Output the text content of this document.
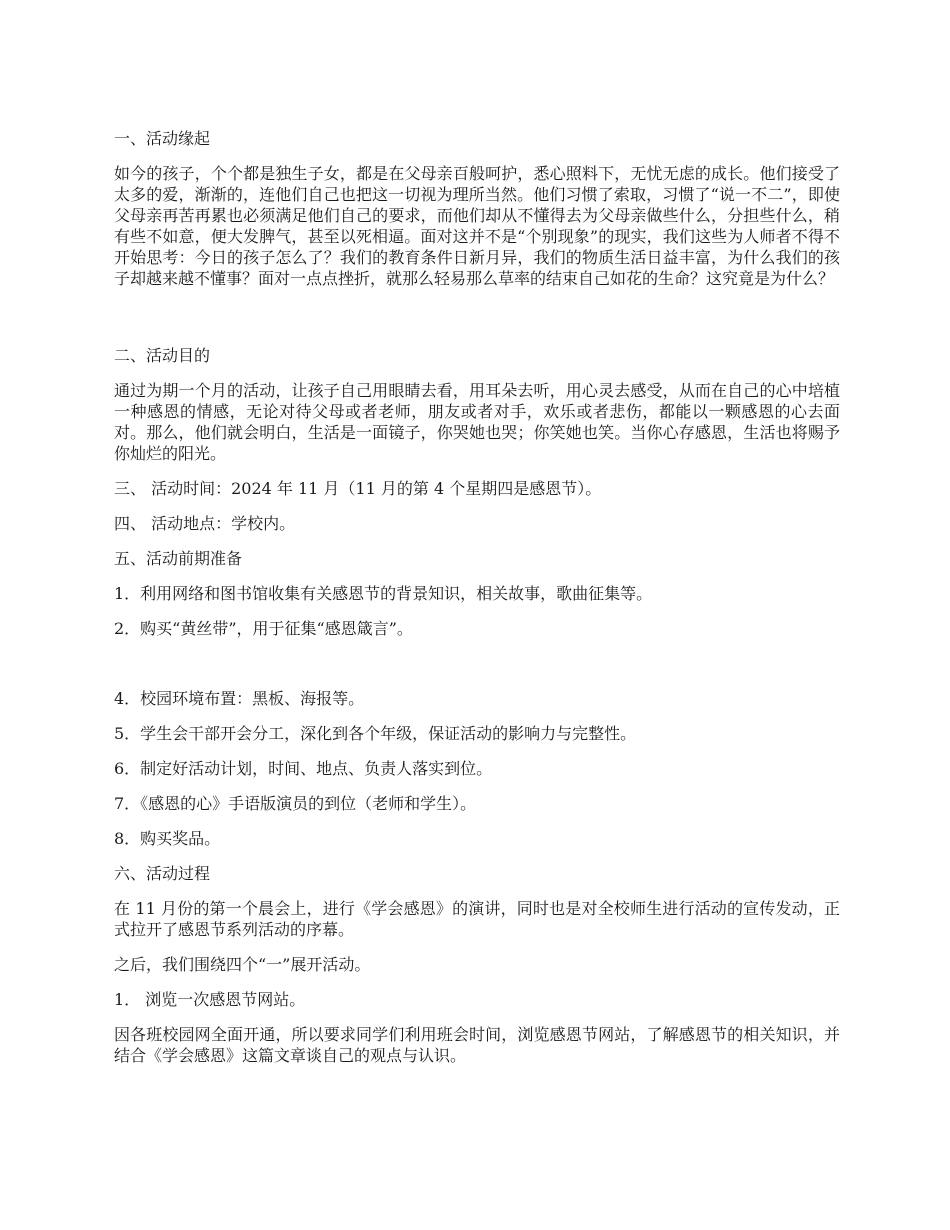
一、活动缘起

如今的孩子，个个都是独生子女，都是在父母亲百般呵护，悉心照料下，无忧无虑的成长。他们接受了太多的爱，渐渐的，连他们自己也把这一切视为理所当然。他们习惯了索取，习惯了“说一不二”，即使父母亲再苦再累也必须满足他们自己的要求，而他们却从不懂得去为父母亲做些什么，分担些什么，稍有些不如意，便大发脾气，甚至以死相逼。面对这并不是“个别现象”的现实，我们这些为人师者不得不开始思考：今日的孩子怎么了？我们的教育条件日新月异，我们的物质生活日益丰富，为什么我们的孩子却越来越不懂事？面对一点点挫折，就那么轻易那么草率的结束自己如花的生命？这究竟是为什么？

二、活动目的

通过为期一个月的活动，让孩子自己用眼睛去看，用耳朵去听，用心灵去感受，从而在自己的心中培植一种感恩的情感，无论对待父母或者老师，朋友或者对手，欢乐或者悲伤，都能以一颗感恩的心去面对。那么，他们就会明白，生活是一面镜子，你哭她也哭；你笑她也笑。当你心存感恩，生活也将赐予你灿烂的阳光。

三、 活动时间：2024 年 11 月（11 月的第 4 个星期四是感恩节）。

四、 活动地点：学校内。

五、活动前期准备

1．利用网络和图书馆收集有关感恩节的背景知识，相关故事，歌曲征集等。

2．购买“黄丝带”，用于征集“感恩箴言”。

4．校园环境布置：黑板、海报等。

5．学生会干部开会分工，深化到各个年级，保证活动的影响力与完整性。

6．制定好活动计划，时间、地点、负责人落实到位。

7．《感恩的心》手语版演员的到位（老师和学生）。

8．购买奖品。

六、活动过程

在 11 月份的第一个晨会上，进行《学会感恩》的演讲，同时也是对全校师生进行活动的宣传发动，正式拉开了感恩节系列活动的序幕。

之后，我们围绕四个“一”展开活动。

1． 浏览一次感恩节网站。

因各班校园网全面开通，所以要求同学们利用班会时间，浏览感恩节网站，了解感恩节的相关知识，并结合《学会感恩》这篇文章谈自己的观点与认识。
